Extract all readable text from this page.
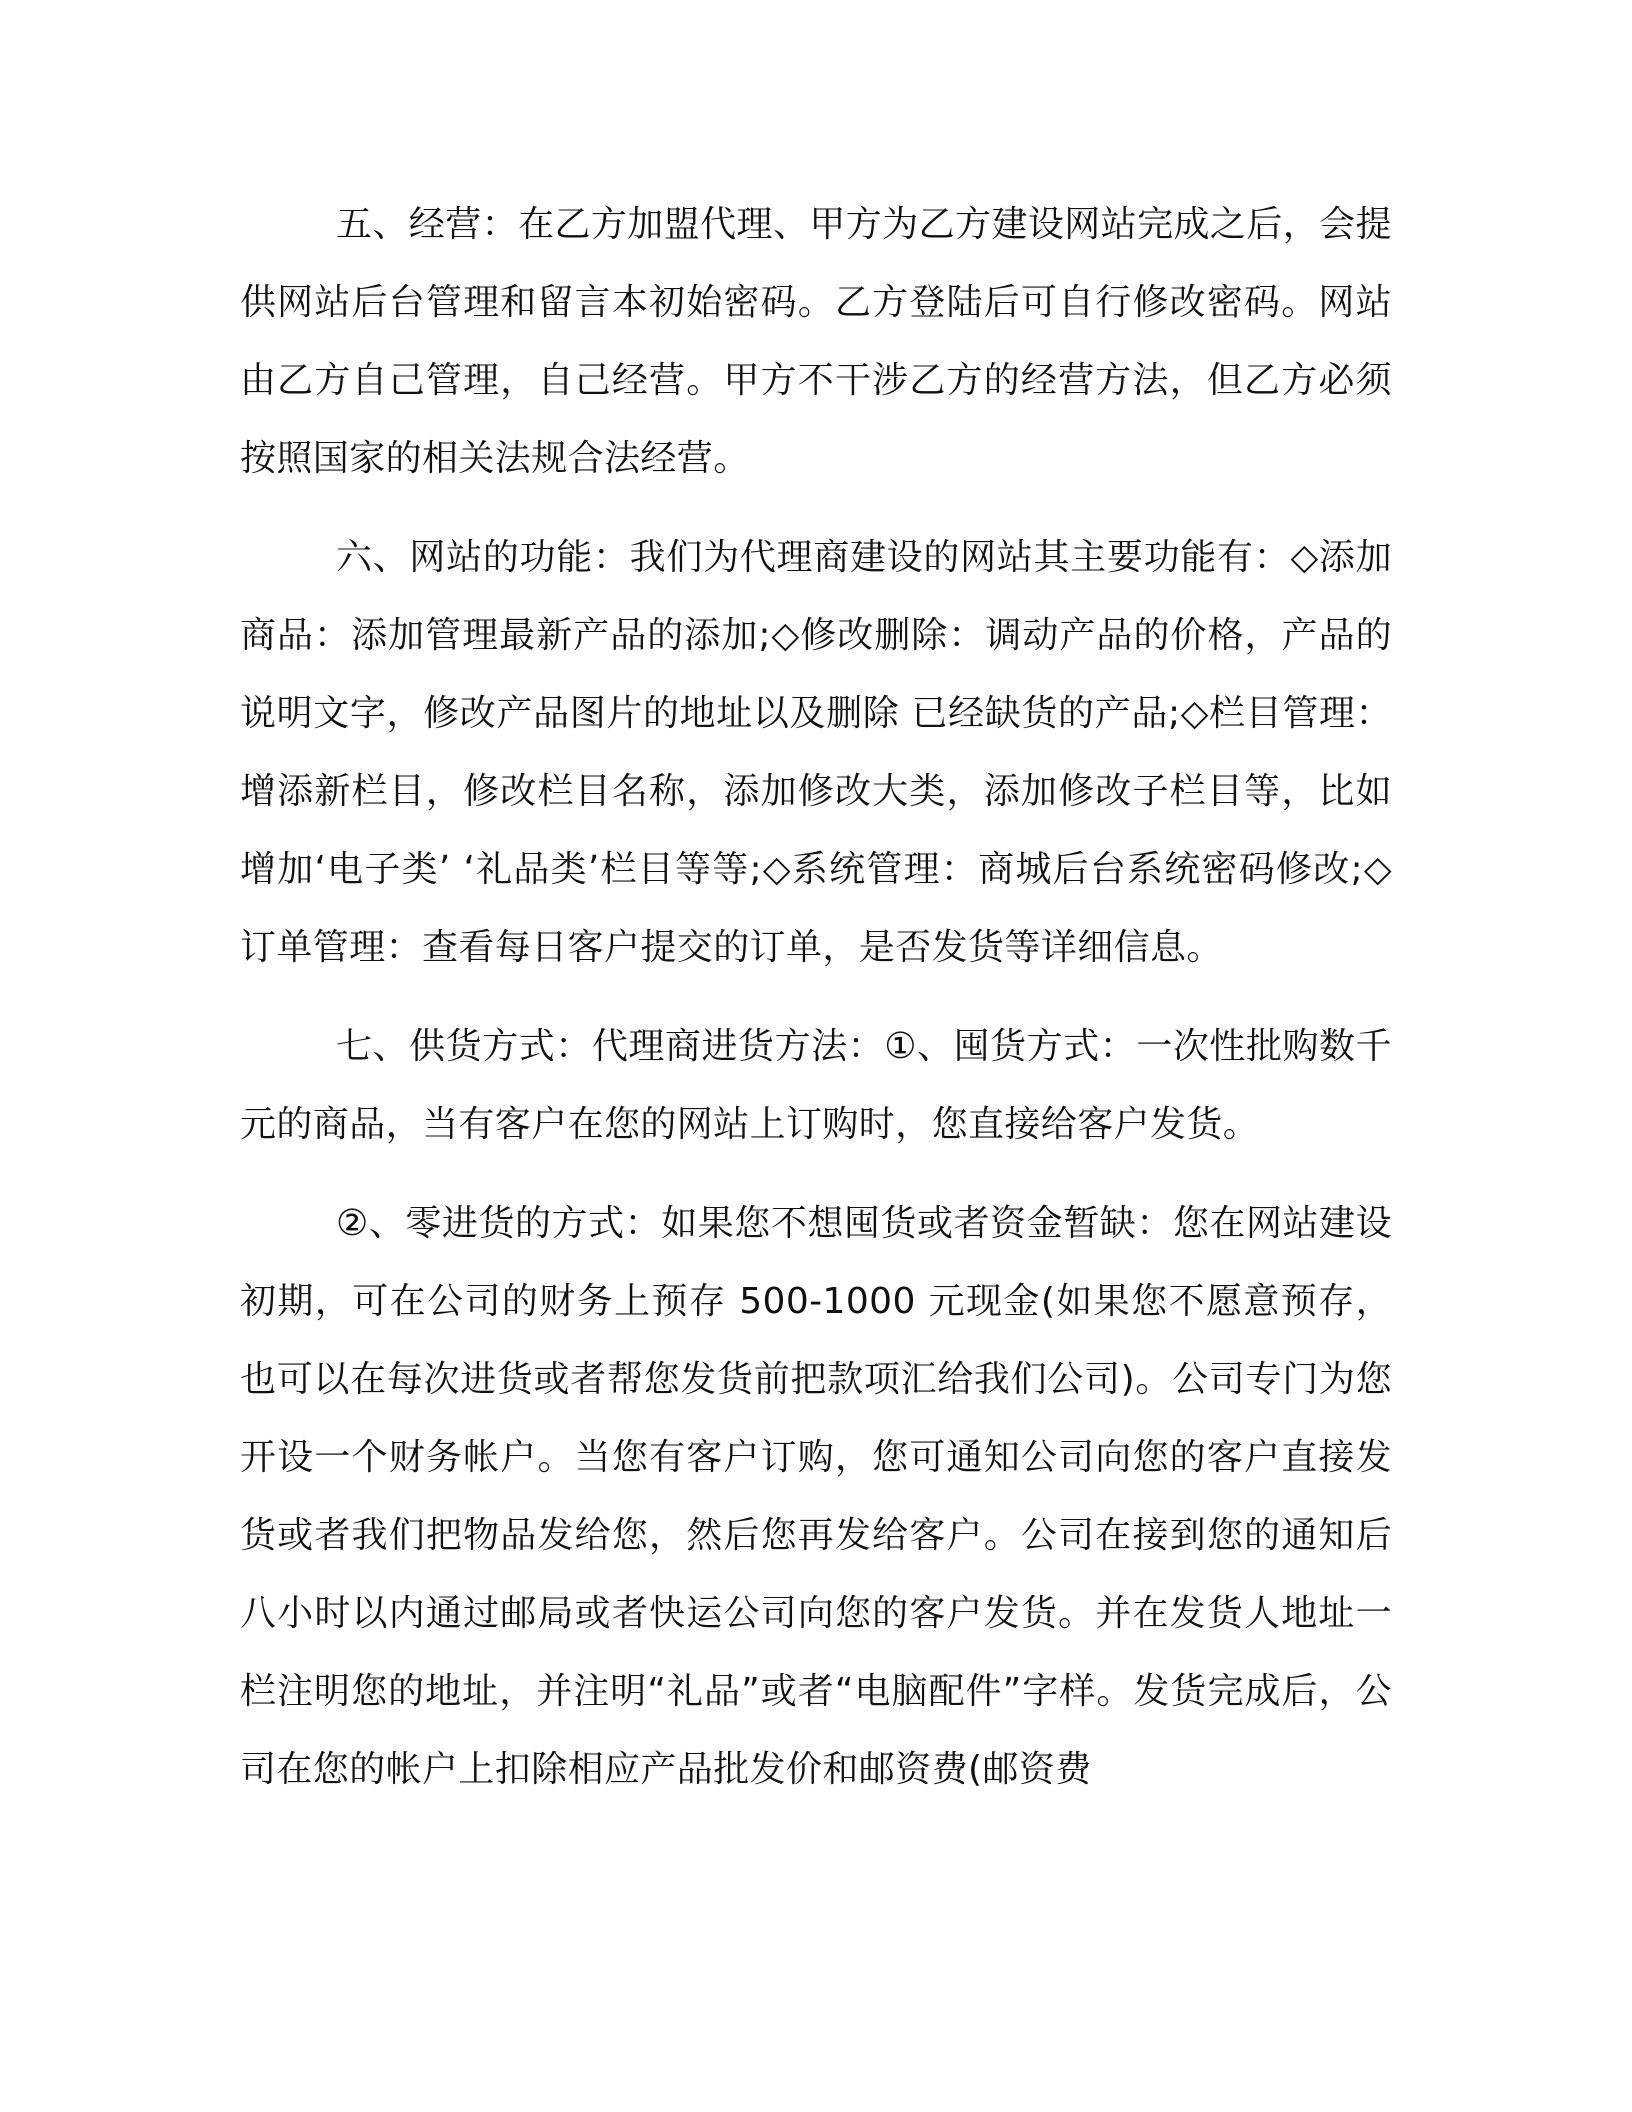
五、经营：在乙方加盟代理、甲方为乙方建设网站完成之后，会提供网站后台管理和留言本初始密码。乙方登陆后可自行修改密码。网站由乙方自己管理，自己经营。甲方不干涉乙方的经营方法，但乙方必须按照国家的相关法规合法经营。

六、网站的功能：我们为代理商建设的网站其主要功能有：◇添加商品：添加管理最新产品的添加;◇修改删除：调动产品的价格，产品的说明文字，修改产品图片的地址以及删除 已经缺货的产品;◇栏目管理：增添新栏目，修改栏目名称，添加修改大类，添加修改子栏目等，比如增加‘电子类’ ‘礼品类’栏目等等;◇系统管理：商城后台系统密码修改;◇订单管理：查看每日客户提交的订单，是否发货等详细信息。

七、供货方式：代理商进货方法：①、囤货方式：一次性批购数千元的商品，当有客户在您的网站上订购时，您直接给客户发货。

②、零进货的方式：如果您不想囤货或者资金暂缺：您在网站建设初期，可在公司的财务上预存 500-1000 元现金(如果您不愿意预存，也可以在每次进货或者帮您发货前把款项汇给我们公司)。公司专门为您开设一个财务帐户。当您有客户订购，您可通知公司向您的客户直接发货或者我们把物品发给您，然后您再发给客户。公司在接到您的通知后八小时以内通过邮局或者快运公司向您的客户发货。并在发货人地址一栏注明您的地址，并注明“礼品”或者“电脑配件”字样。发货完成后，公司在您的帐户上扣除相应产品批发价和邮资费(邮资费
